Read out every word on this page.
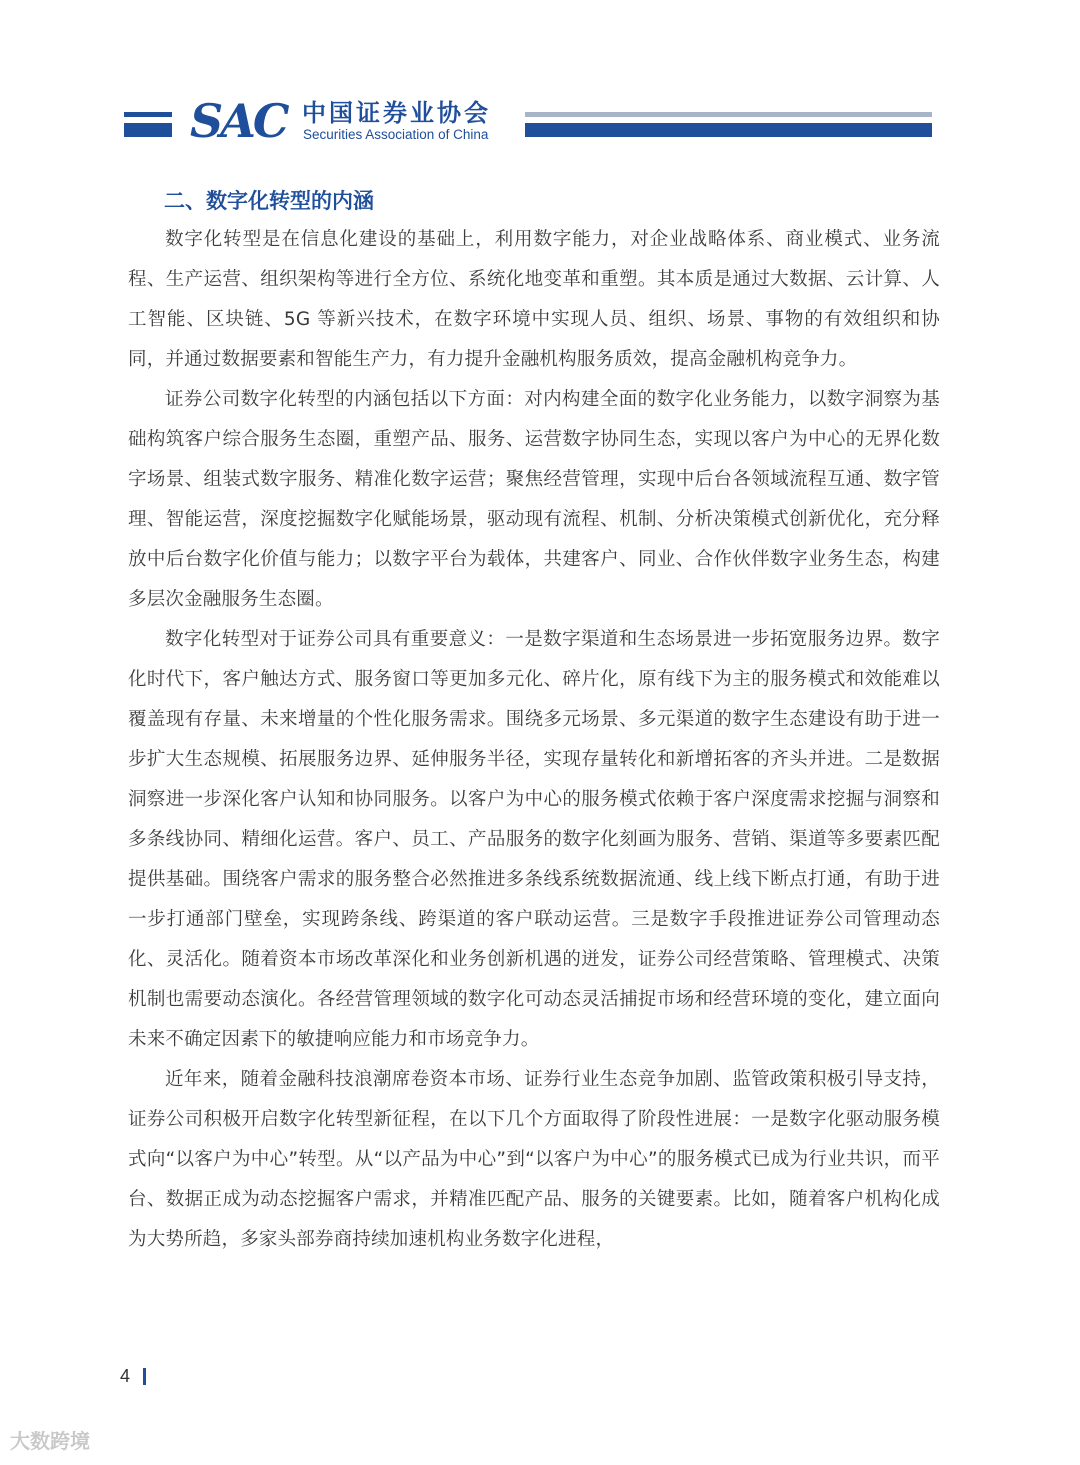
SAC 中国证券业协会
Securities Association of China
二、数字化转型的内涵

数字化转型是在信息化建设的基础上，利用数字能力，对企业战略体系、商业模式、业务流程、生产运营、组织架构等进行全方位、系统化地变革和重塑。其本质是通过大数据、云计算、人工智能、区块链、5G 等新兴技术，在数字环境中实现人员、组织、场景、事物的有效组织和协同，并通过数据要素和智能生产力，有力提升金融机构服务质效，提高金融机构竞争力。

证券公司数字化转型的内涵包括以下方面：对内构建全面的数字化业务能力，以数字洞察为基础构筑客户综合服务生态圈，重塑产品、服务、运营数字协同生态，实现以客户为中心的无界化数字场景、组装式数字服务、精准化数字运营；聚焦经营管理，实现中后台各领域流程互通、数字管理、智能运营，深度挖掘数字化赋能场景，驱动现有流程、机制、分析决策模式创新优化，充分释放中后台数字化价值与能力；以数字平台为载体，共建客户、同业、合作伙伴数字业务生态，构建多层次金融服务生态圈。

数字化转型对于证券公司具有重要意义：一是数字渠道和生态场景进一步拓宽服务边界。数字化时代下，客户触达方式、服务窗口等更加多元化、碎片化，原有线下为主的服务模式和效能难以覆盖现有存量、未来增量的个性化服务需求。围绕多元场景、多元渠道的数字生态建设有助于进一步扩大生态规模、拓展服务边界、延伸服务半径，实现存量转化和新增拓客的齐头并进。二是数据洞察进一步深化客户认知和协同服务。以客户为中心的服务模式依赖于客户深度需求挖掘与洞察和多条线协同、精细化运营。客户、员工、产品服务的数字化刻画为服务、营销、渠道等多要素匹配提供基础。围绕客户需求的服务整合必然推进多条线系统数据流通、线上线下断点打通，有助于进一步打通部门壁垒，实现跨条线、跨渠道的客户联动运营。三是数字手段推进证券公司管理动态化、灵活化。随着资本市场改革深化和业务创新机遇的迸发，证券公司经营策略、管理模式、决策机制也需要动态演化。各经营管理领域的数字化可动态灵活捕捉市场和经营环境的变化，建立面向未来不确定因素下的敏捷响应能力和市场竞争力。

近年来，随着金融科技浪潮席卷资本市场、证券行业生态竞争加剧、监管政策积极引导支持，证券公司积极开启数字化转型新征程，在以下几个方面取得了阶段性进展：一是数字化驱动服务模式向“以客户为中心”转型。从“以产品为中心”到“以客户为中心”的服务模式已成为行业共识，而平台、数据正成为动态挖掘客户需求，并精准匹配产品、服务的关键要素。比如，随着客户机构化成为大势所趋，多家头部券商持续加速机构业务数字化进程，

4
大数跨境
